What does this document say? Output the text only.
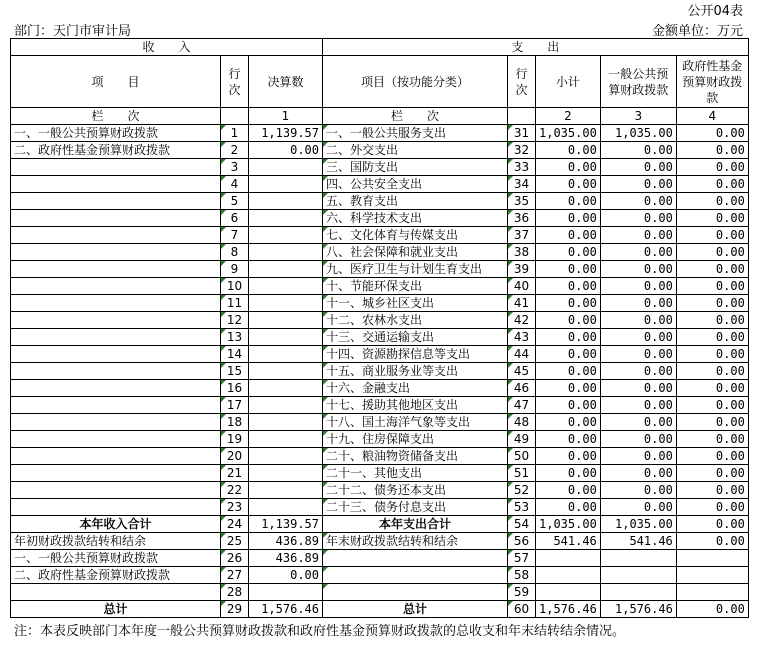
公开04表
部门：天门市审计局	金额单位：万元
收　　入			支　　出				
项　　目	行次	决算数	项目（按功能分类）	行次	小计	一般公共预算财政拨款	政府性基金预算财政拨款
栏　　次		1	栏　　次		2	3	4
一、一般公共预算财政拨款	1	1,139.57	一、一般公共服务支出	31	1,035.00	1,035.00	0.00
二、政府性基金预算财政拨款	2	0.00	二、外交支出	32	0.00	0.00	0.00
	3		三、国防支出	33	0.00	0.00	0.00
	4		四、公共安全支出	34	0.00	0.00	0.00
	5		五、教育支出	35	0.00	0.00	0.00
	6		六、科学技术支出	36	0.00	0.00	0.00
	7		七、文化体育与传媒支出	37	0.00	0.00	0.00
	8		八、社会保障和就业支出	38	0.00	0.00	0.00
	9		九、医疗卫生与计划生育支出	39	0.00	0.00	0.00
	10		十、节能环保支出	40	0.00	0.00	0.00
	11		十一、城乡社区支出	41	0.00	0.00	0.00
	12		十二、农林水支出	42	0.00	0.00	0.00
	13		十三、交通运输支出	43	0.00	0.00	0.00
	14		十四、资源勘探信息等支出	44	0.00	0.00	0.00
	15		十五、商业服务业等支出	45	0.00	0.00	0.00
	16		十六、金融支出	46	0.00	0.00	0.00
	17		十七、援助其他地区支出	47	0.00	0.00	0.00
	18		十八、国土海洋气象等支出	48	0.00	0.00	0.00
	19		十九、住房保障支出	49	0.00	0.00	0.00
	20		二十、粮油物资储备支出	50	0.00	0.00	0.00
	21		二十一、其他支出	51	0.00	0.00	0.00
	22		二十二、债务还本支出	52	0.00	0.00	0.00
	23		二十三、债务付息支出	53	0.00	0.00	0.00
本年收入合计	24	1,139.57	本年支出合计	54	1,035.00	1,035.00	0.00
年初财政拨款结转和结余	25	436.89	年末财政拨款结转和结余	56	541.46	541.46	0.00
一、一般公共预算财政拨款	26	436.89		57			
二、政府性基金预算财政拨款	27	0.00		58			
	28			59			
总计	29	1,576.46	总计	60	1,576.46	1,576.46	0.00
注：本表反映部门本年度一般公共预算财政拨款和政府性基金预算财政拨款的总收支和年末结转结余情况。
